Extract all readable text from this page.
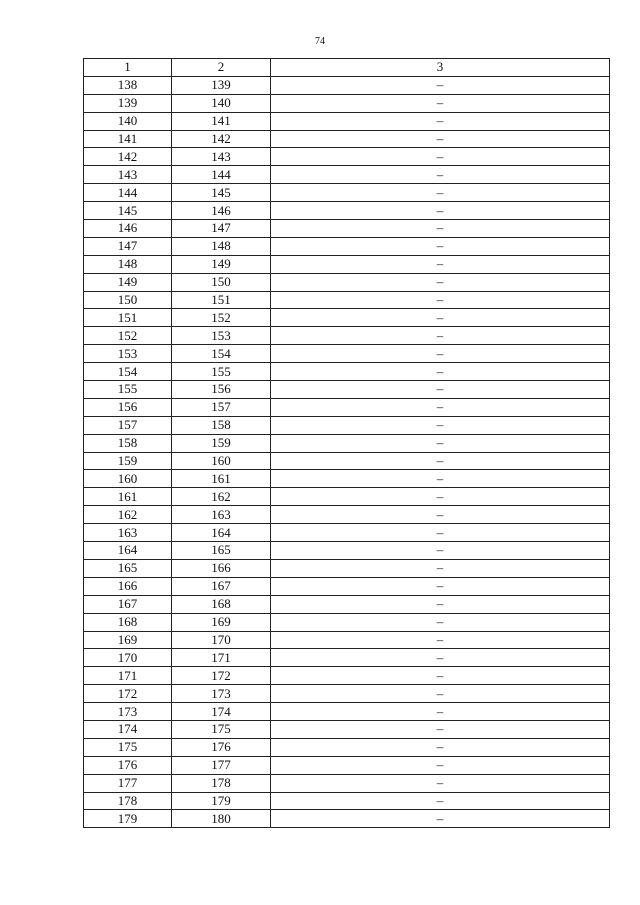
74
1	2	3
138	139	–
139	140	–
140	141	–
141	142	–
142	143	–
143	144	–
144	145	–
145	146	–
146	147	–
147	148	–
148	149	–
149	150	–
150	151	–
151	152	–
152	153	–
153	154	–
154	155	–
155	156	–
156	157	–
157	158	–
158	159	–
159	160	–
160	161	–
161	162	–
162	163	–
163	164	–
164	165	–
165	166	–
166	167	–
167	168	–
168	169	–
169	170	–
170	171	–
171	172	–
172	173	–
173	174	–
174	175	–
175	176	–
176	177	–
177	178	–
178	179	–
179	180	–
